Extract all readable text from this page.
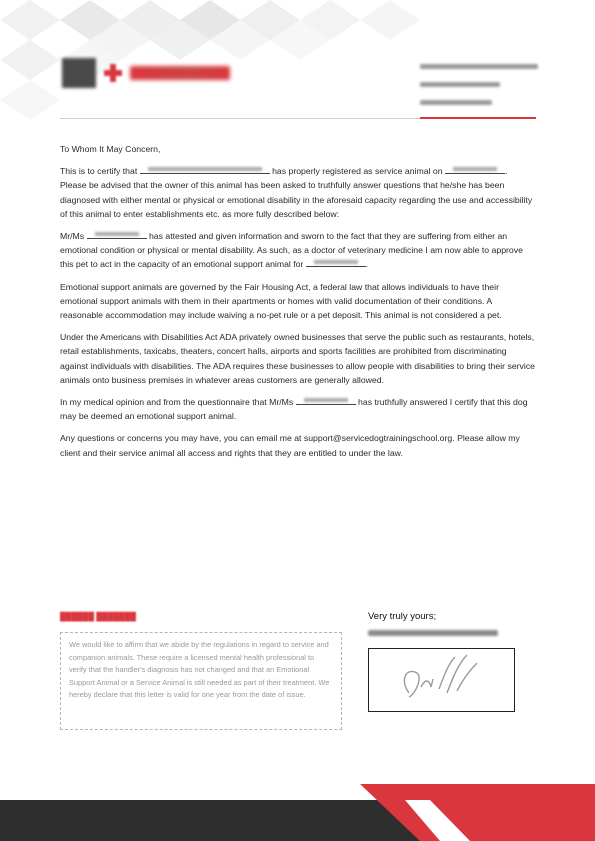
To Whom It May Concern,

This is to certify that	has properly registered as service animal on	. Please be advised that the owner of this animal has been asked to truthfully answer questions that he/she has been diagnosed with either mental or physical or emotional disability in the aforesaid capacity regarding the use and accessibility of this animal to enter establishments etc. as more fully described below:

Mr/Ms	has attested and given information and sworn to the fact that they are suffering from either an emotional condition or physical or mental disability. As such, as a doctor of veterinary medicine I am now able to approve this pet to act in the capacity of an emotional support animal for	.

Emotional support animals are governed by the Fair Housing Act, a federal law that allows individuals to have their emotional support animals with them in their apartments or homes with valid documentation of their conditions. A reasonable accommodation may include waiving a no-pet rule or a pet deposit. This animal is not considered a pet.

Under the Americans with Disabilities Act ADA privately owned businesses that serve the public such as restaurants, hotels, retail establishments, taxicabs, theaters, concert halls, airports and sports facilities are prohibited from discriminating against individuals with disabilities. The ADA requires these businesses to allow people with disabilities to bring their service animals onto business premises in whatever areas customers are generally allowed.

In my medical opinion and from the questionnaire that Mr/Ms	has truthfully answered I certify that this dog may be deemed an emotional support animal.

Any questions or concerns you may have, you can email me at support@servicedogtrainingschool.org. Please allow my client and their service animal all access and rights that they are entitled to under the law.

██████ ███████
We would like to affirm that we abide by the regulations in regard to service and companion animals. These require a licensed mental health professional to verify that the handler's diagnosis has not changed and that an Emotional Support Animal or a Service Animal is still needed as part of their treatment. We hereby declare that this letter is valid for one year from the date of issue.
Very truly yours;
